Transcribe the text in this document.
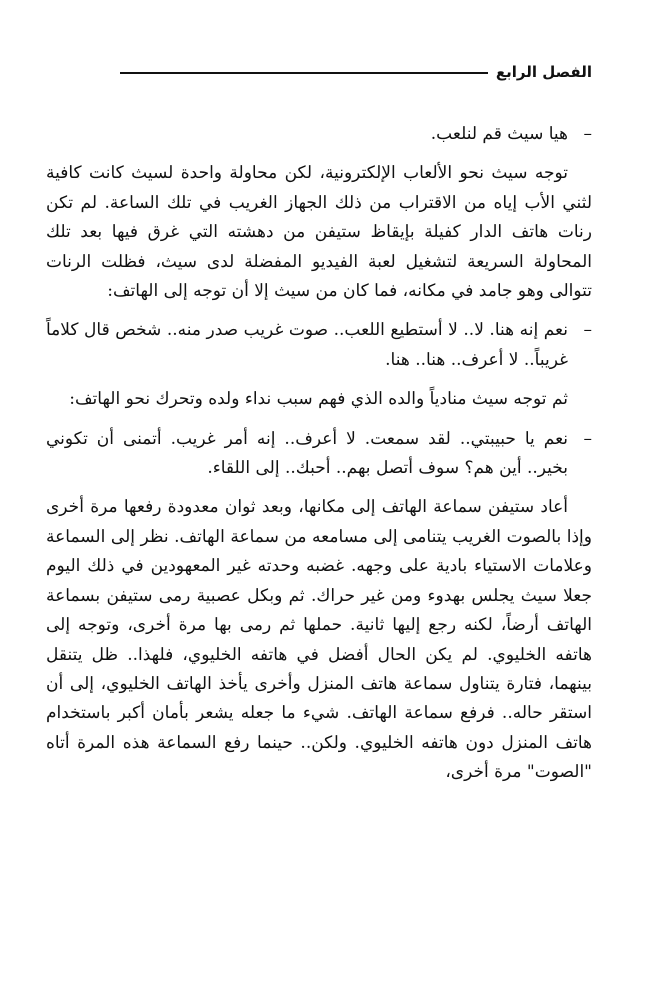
الفصل الرابع

–هيا سيث قم لنلعب.

توجه سيث نحو الألعاب الإلكترونية، لكن محاولة واحدة لسيث كانت كافية لثني الأب إياه من الاقتراب من ذلك الجهاز الغريب في تلك الساعة. لم تكن رنات هاتف الدار كفيلة بإيقاظ ستيفن من دهشته التي غرق فيها بعد تلك المحاولة السريعة لتشغيل لعبة الفيديو المفضلة لدى سيث، فظلت الرنات تتوالى وهو جامد في مكانه، فما كان من سيث إلا أن توجه إلى الهاتف:

–نعم إنه هنا. لا.. لا أستطيع اللعب.. صوت غريب صدر منه.. شخص قال كلاماً غريباً.. لا أعرف.. هنا.. هنا.

ثم توجه سيث منادياً والده الذي فهم سبب نداء ولده وتحرك نحو الهاتف:

–نعم يا حبيبتي.. لقد سمعت. لا أعرف.. إنه أمر غريب. أتمنى أن تكوني بخير.. أين هم؟ سوف أتصل بهم.. أحبك.. إلى اللقاء.

أعاد ستيفن سماعة الهاتف إلى مكانها، وبعد ثوان معدودة رفعها مرة أخرى وإذا بالصوت الغريب يتنامى إلى مسامعه من سماعة الهاتف. نظر إلى السماعة وعلامات الاستياء بادية على وجهه. غضبه وحدته غير المعهودين في ذلك اليوم جعلا سيث يجلس بهدوء ومن غير حراك. ثم وبكل عصبية رمى ستيفن بسماعة الهاتف أرضاً، لكنه رجع إليها ثانية. حملها ثم رمى بها مرة أخرى، وتوجه إلى هاتفه الخليوي. لم يكن الحال أفضل في هاتفه الخليوي، فلهذا.. ظل يتنقل بينهما، فتارة يتناول سماعة هاتف المنزل وأخرى يأخذ الهاتف الخليوي، إلى أن استقر حاله.. فرفع سماعة الهاتف. شيء ما جعله يشعر بأمان أكبر باستخدام هاتف المنزل دون هاتفه الخليوي. ولكن.. حينما رفع السماعة هذه المرة أتاه "الصوت" مرة أخرى،
